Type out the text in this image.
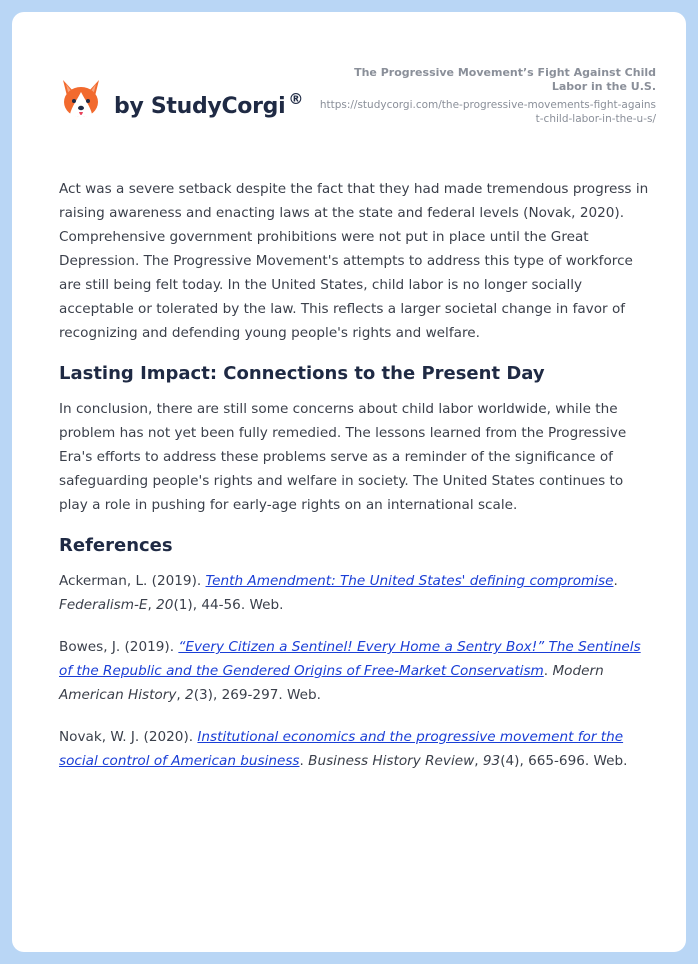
by StudyCorgi ®
The Progressive Movement’s Fight Against Child Labor in the U.S.
https://studycorgi.com/the-progressive-movements-fight-against-child-labor-in-the-u-s/

Act was a severe setback despite the fact that they had made tremendous progress in raising awareness and enacting laws at the state and federal levels (Novak, 2020). Comprehensive government prohibitions were not put in place until the Great Depression. The Progressive Movement's attempts to address this type of workforce are still being felt today. In the United States, child labor is no longer socially acceptable or tolerated by the law. This reflects a larger societal change in favor of recognizing and defending young people's rights and welfare.

Lasting Impact: Connections to the Present Day

In conclusion, there are still some concerns about child labor worldwide, while the problem has not yet been fully remedied. The lessons learned from the Progressive Era's efforts to address these problems serve as a reminder of the significance of safeguarding people's rights and welfare in society. The United States continues to play a role in pushing for early-age rights on an international scale.

References

Ackerman, L. (2019). Tenth Amendment: The United States' defining compromise. Federalism-E, 20(1), 44-56. Web.

Bowes, J. (2019). “Every Citizen a Sentinel! Every Home a Sentry Box!” The Sentinels of the Republic and the Gendered Origins of Free-Market Conservatism. Modern American History, 2(3), 269-297. Web.

Novak, W. J. (2020). Institutional economics and the progressive movement for the social control of American business. Business History Review, 93(4), 665-696. Web.
